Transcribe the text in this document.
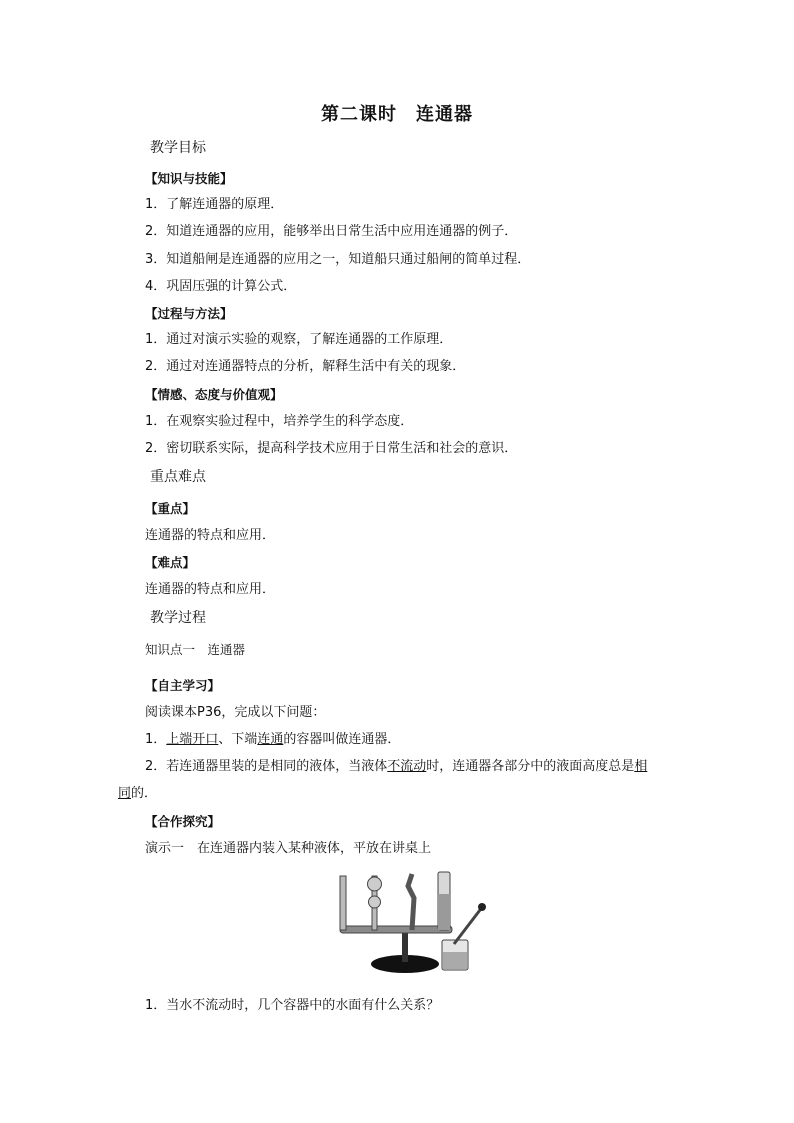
第二课时　连通器
教学目标
【知识与技能】
1．了解连通器的原理．
2．知道连通器的应用，能够举出日常生活中应用连通器的例子．
3．知道船闸是连通器的应用之一，知道船只通过船闸的简单过程．
4．巩固压强的计算公式．
【过程与方法】
1．通过对演示实验的观察，了解连通器的工作原理．
2．通过对连通器特点的分析，解释生活中有关的现象．
【情感、态度与价值观】
1．在观察实验过程中，培养学生的科学态度．
2．密切联系实际，提高科学技术应用于日常生活和社会的意识．
重点难点
【重点】
连通器的特点和应用．
【难点】
连通器的特点和应用．
教学过程
知识点一　连通器
【自主学习】
阅读课本P36，完成以下问题：
1．上端开口、下端连通的容器叫做连通器．
2．若连通器里装的是相同的液体，当液体不流动时，连通器各部分中的液面高度总是相
同的．
【合作探究】
演示一　在连通器内装入某种液体，平放在讲桌上
1．当水不流动时，几个容器中的水面有什么关系？
